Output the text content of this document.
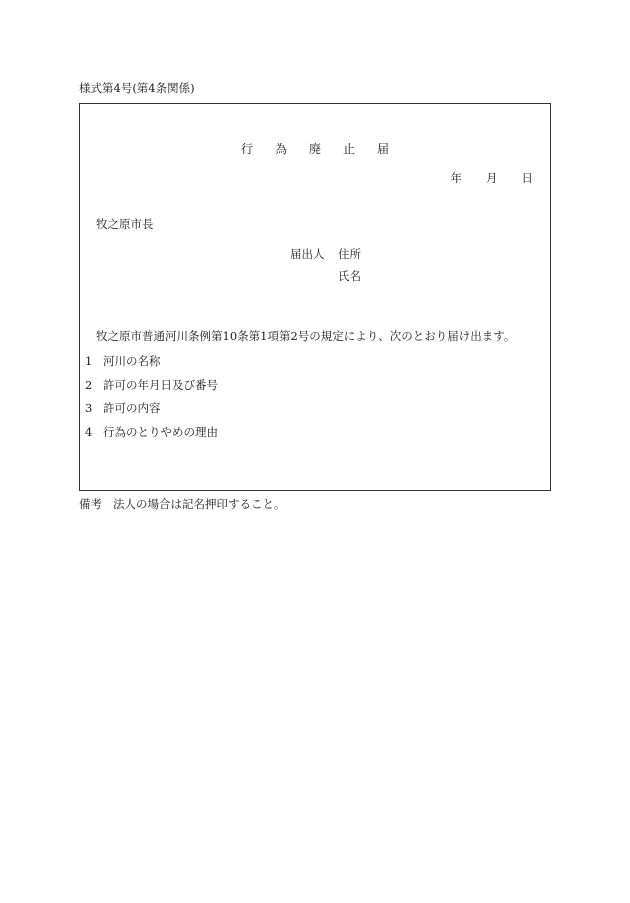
様式第4号(第4条関係)
行為廃止届
年月日
牧之原市長
届出人 住所
氏名
牧之原市普通河川条例第10条第1項第2号の規定により、次のとおり届け出ます。
1 河川の名称
2 許可の年月日及び番号
3 許可の内容
4 行為のとりやめの理由
備考 法人の場合は記名押印すること。
